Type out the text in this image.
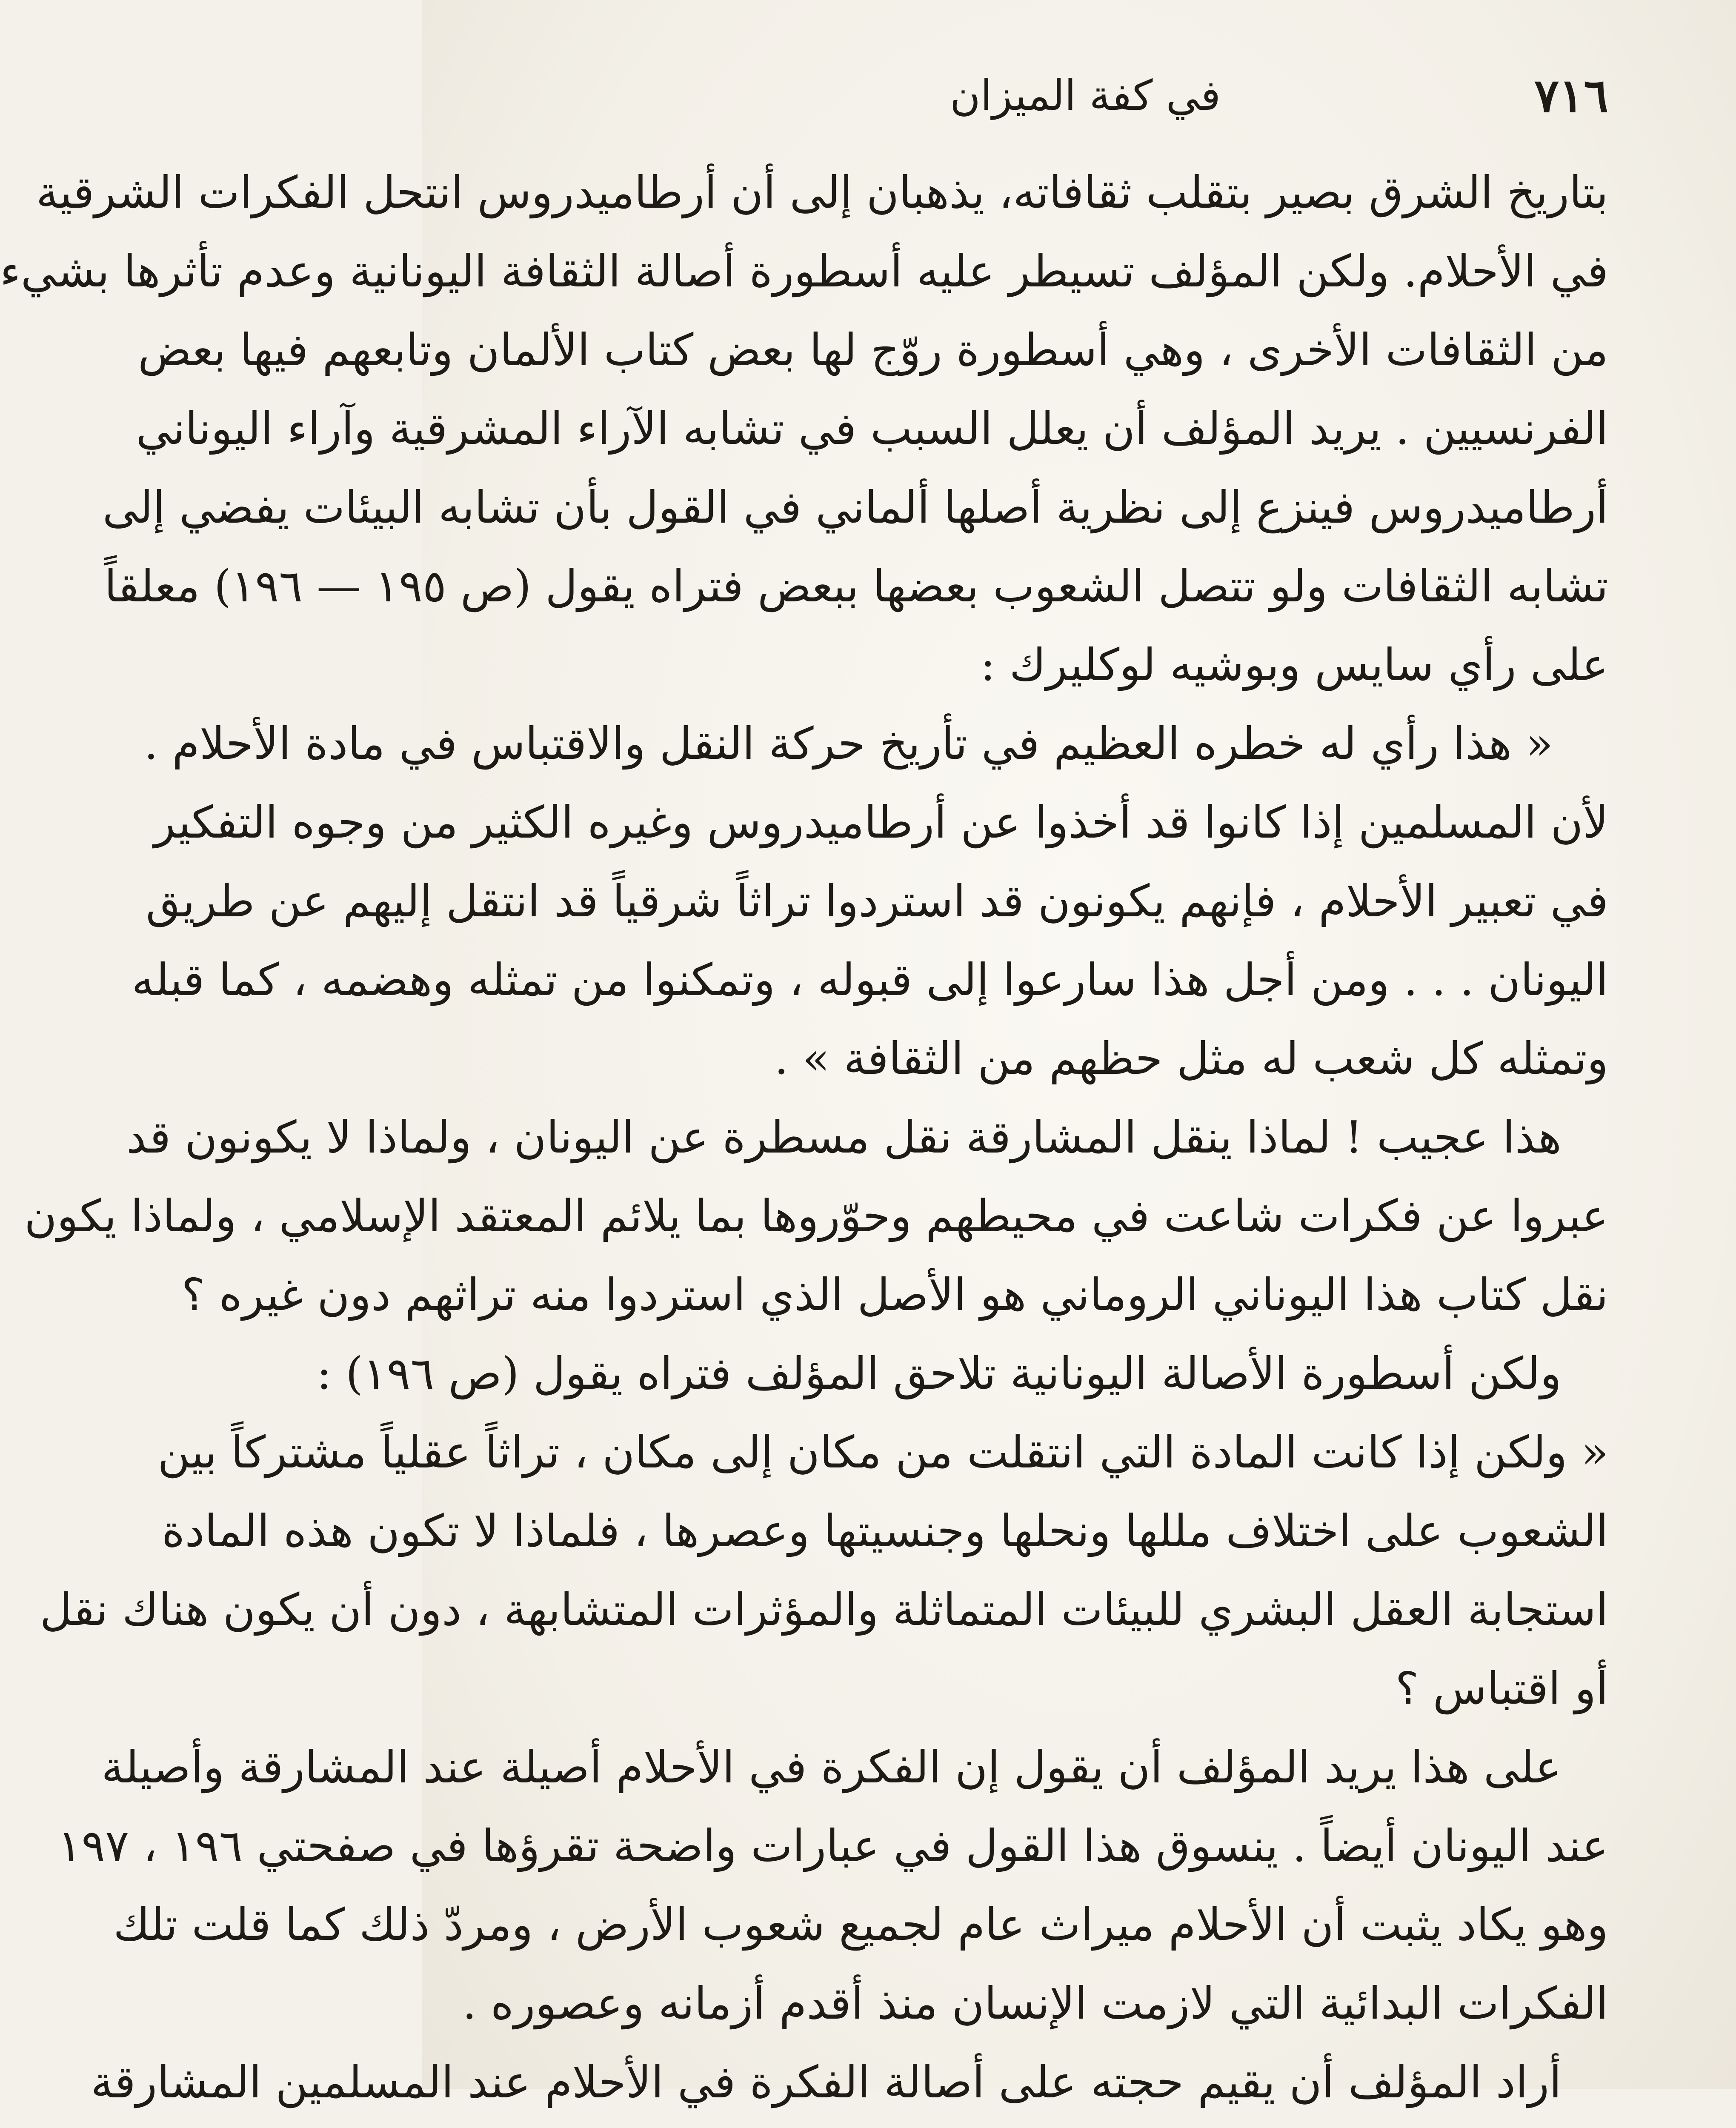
٧١٦
في كفة الميزان
بتاريخ الشرق بصير بتقلب ثقافاته، يذهبان إلى أن أرطاميدروس انتحل الفكرات الشرقية
في الأحلام. ولكن المؤلف تسيطر عليه أسطورة أصالة الثقافة اليونانية وعدم تأثرها بشيء
من الثقافات الأخرى ، وهي أسطورة روّج لها بعض كتاب الألمان وتابعهم فيها بعض
الفرنسيين . يريد المؤلف أن يعلل السبب في تشابه الآراء المشرقية وآراء اليوناني
أرطاميدروس فينزع إلى نظرية أصلها ألماني في القول بأن تشابه البيئات يفضي إلى
تشابه الثقافات ولو تتصل الشعوب بعضها ببعض فتراه يقول (ص ١٩٥ — ١٩٦) معلقاً
على رأي سايس وبوشيه لوكليرك :
« هذا رأي له خطره العظيم في تأريخ حركة النقل والاقتباس في مادة الأحلام .
لأن المسلمين إذا كانوا قد أخذوا عن أرطاميدروس وغيره الكثير من وجوه التفكير
في تعبير الأحلام ، فإنهم يكونون قد استردوا تراثاً شرقياً قد انتقل إليهم عن طريق
اليونان . . . ومن أجل هذا سارعوا إلى قبوله ، وتمكنوا من تمثله وهضمه ، كما قبله
وتمثله كل شعب له مثل حظهم من الثقافة » .
هذا عجيب ! لماذا ينقل المشارقة نقل مسطرة عن اليونان ، ولماذا لا يكونون قد
عبروا عن فكرات شاعت في محيطهم وحوّروها بما يلائم المعتقد الإسلامي ، ولماذا يكون
نقل كتاب هذا اليوناني الروماني هو الأصل الذي استردوا منه تراثهم دون غيره ؟
ولكن أسطورة الأصالة اليونانية تلاحق المؤلف فتراه يقول (ص ١٩٦) :
« ولكن إذا كانت المادة التي انتقلت من مكان إلى مكان ، تراثاً عقلياً مشتركاً بين
الشعوب على اختلاف مللها ونحلها وجنسيتها وعصرها ، فلماذا لا تكون هذه المادة
استجابة العقل البشري للبيئات المتماثلة والمؤثرات المتشابهة ، دون أن يكون هناك نقل
أو اقتباس ؟
على هذا يريد المؤلف أن يقول إن الفكرة في الأحلام أصيلة عند المشارقة وأصيلة
عند اليونان أيضاً . ينسوق هذا القول في عبارات واضحة تقرؤها في صفحتي ١٩٦ ، ١٩٧
وهو يكاد يثبت أن الأحلام ميراث عام لجميع شعوب الأرض ، ومردّ ذلك كما قلت تلك
الفكرات البدائية التي لازمت الإنسان منذ أقدم أزمانه وعصوره .
أراد المؤلف أن يقيم حجته على أصالة الفكرة في الأحلام عند المسلمين المشارقة
